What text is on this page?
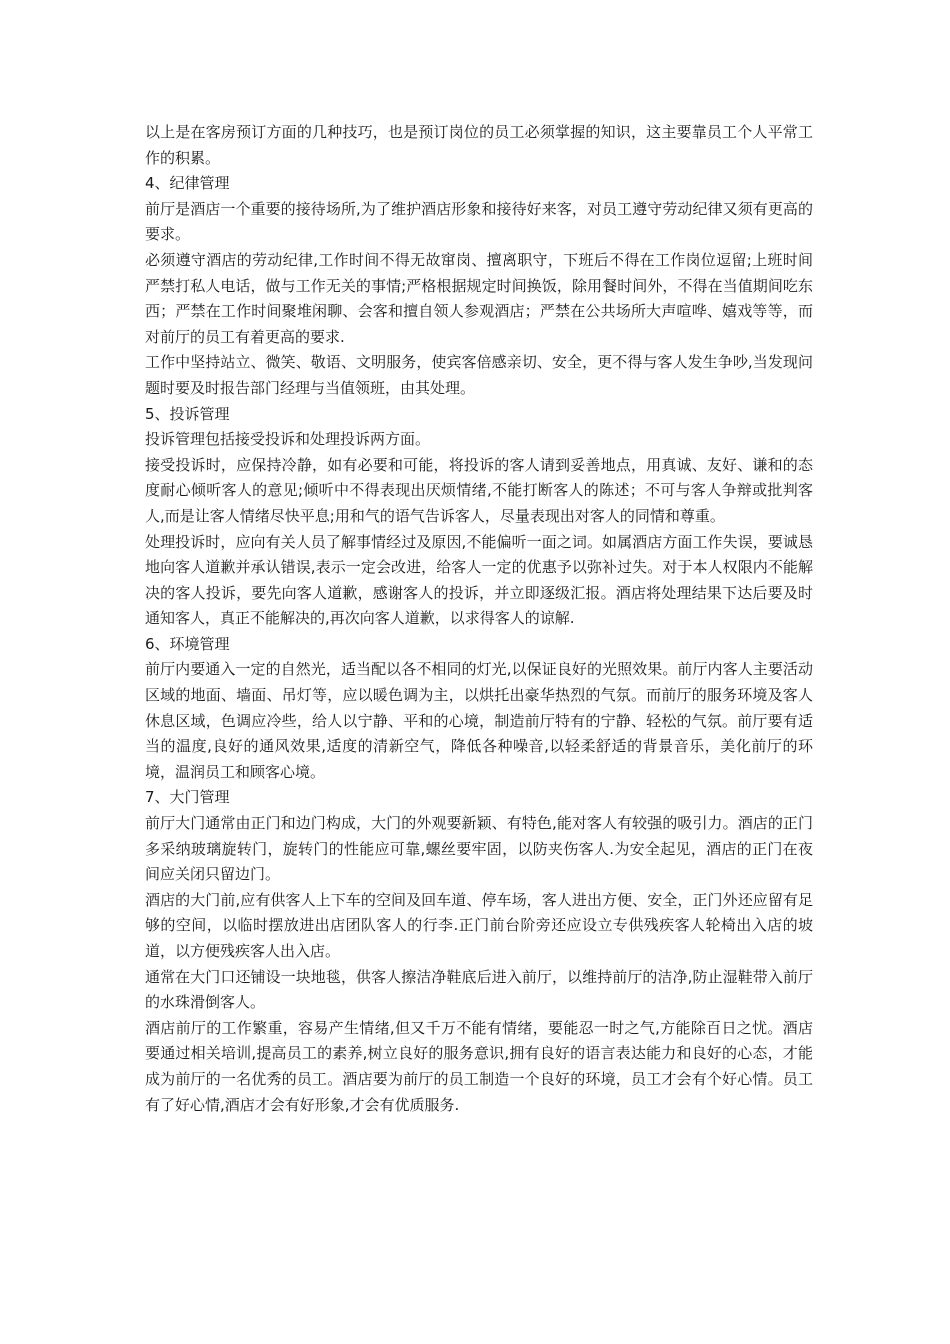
以上是在客房预订方面的几种技巧，也是预订岗位的员工必须掌握的知识，这主要靠员工个人平常工作的积累。

4、纪律管理

前厅是酒店一个重要的接待场所,为了维护酒店形象和接待好来客，对员工遵守劳动纪律又须有更高的要求。

必须遵守酒店的劳动纪律,工作时间不得无故窜岗、擅离职守，下班后不得在工作岗位逗留;上班时间严禁打私人电话，做与工作无关的事情;严格根据规定时间换饭，除用餐时间外，不得在当值期间吃东西；严禁在工作时间聚堆闲聊、会客和擅自领人参观酒店；严禁在公共场所大声喧哗、嬉戏等等，而对前厅的员工有着更高的要求.

工作中坚持站立、微笑、敬语、文明服务，使宾客倍感亲切、安全，更不得与客人发生争吵,当发现问题时要及时报告部门经理与当值领班，由其处理。

5、投诉管理

投诉管理包括接受投诉和处理投诉两方面。

接受投诉时，应保持冷静，如有必要和可能，将投诉的客人请到妥善地点，用真诚、友好、谦和的态度耐心倾听客人的意见;倾听中不得表现出厌烦情绪,不能打断客人的陈述；不可与客人争辩或批判客人,而是让客人情绪尽快平息;用和气的语气告诉客人，尽量表现出对客人的同情和尊重。

处理投诉时，应向有关人员了解事情经过及原因,不能偏听一面之词。如属酒店方面工作失误，要诚恳地向客人道歉并承认错误,表示一定会改进，给客人一定的优惠予以弥补过失。对于本人权限内不能解决的客人投诉，要先向客人道歉，感谢客人的投诉，并立即逐级汇报。酒店将处理结果下达后要及时通知客人，真正不能解决的,再次向客人道歉，以求得客人的谅解.

6、环境管理

前厅内要通入一定的自然光，适当配以各不相同的灯光,以保证良好的光照效果。前厅内客人主要活动区域的地面、墙面、吊灯等，应以暖色调为主，以烘托出豪华热烈的气氛。而前厅的服务环境及客人休息区域，色调应冷些，给人以宁静、平和的心境，制造前厅特有的宁静、轻松的气氛。前厅要有适当的温度,良好的通风效果,适度的清新空气，降低各种噪音,以轻柔舒适的背景音乐，美化前厅的环境，温润员工和顾客心境。

7、大门管理

前厅大门通常由正门和边门构成，大门的外观要新颖、有特色,能对客人有较强的吸引力。酒店的正门多采纳玻璃旋转门，旋转门的性能应可靠,螺丝要牢固，以防夹伤客人.为安全起见，酒店的正门在夜间应关闭只留边门。

酒店的大门前,应有供客人上下车的空间及回车道、停车场，客人进出方便、安全，正门外还应留有足够的空间，以临时摆放进出店团队客人的行李.正门前台阶旁还应设立专供残疾客人轮椅出入店的坡道，以方便残疾客人出入店。

通常在大门口还铺设一块地毯，供客人擦洁净鞋底后进入前厅，以维持前厅的洁净,防止湿鞋带入前厅的水珠滑倒客人。

酒店前厅的工作繁重，容易产生情绪,但又千万不能有情绪，要能忍一时之气,方能除百日之忧。酒店要通过相关培训,提高员工的素养,树立良好的服务意识,拥有良好的语言表达能力和良好的心态，才能成为前厅的一名优秀的员工。酒店要为前厅的员工制造一个良好的环境，员工才会有个好心情。员工有了好心情,酒店才会有好形象,才会有优质服务.
